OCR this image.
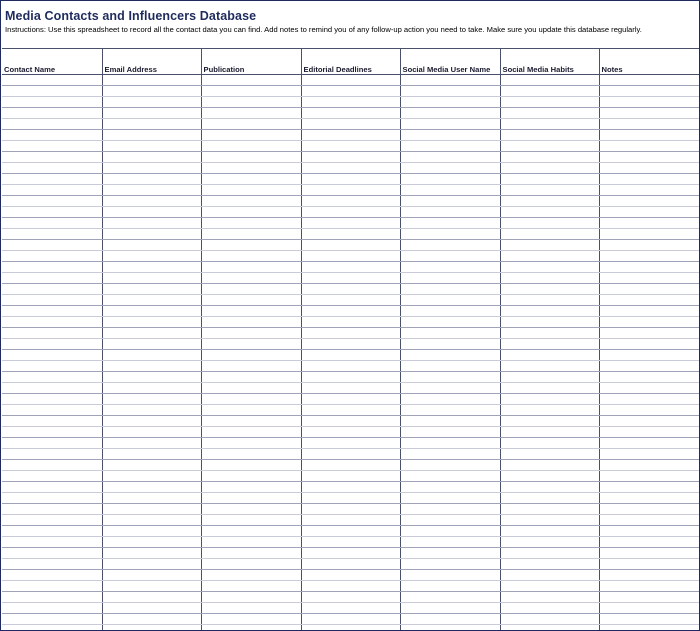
Media Contacts and Influencers Database
Instructions: Use this spreadsheet to record all the contact data you can find. Add notes to remind you of any follow-up action you need to take. Make sure you update this database regularly.
Contact Name	Email Address	Publication	Editorial Deadlines	Social Media User Name	Social Media Habits	Notes
